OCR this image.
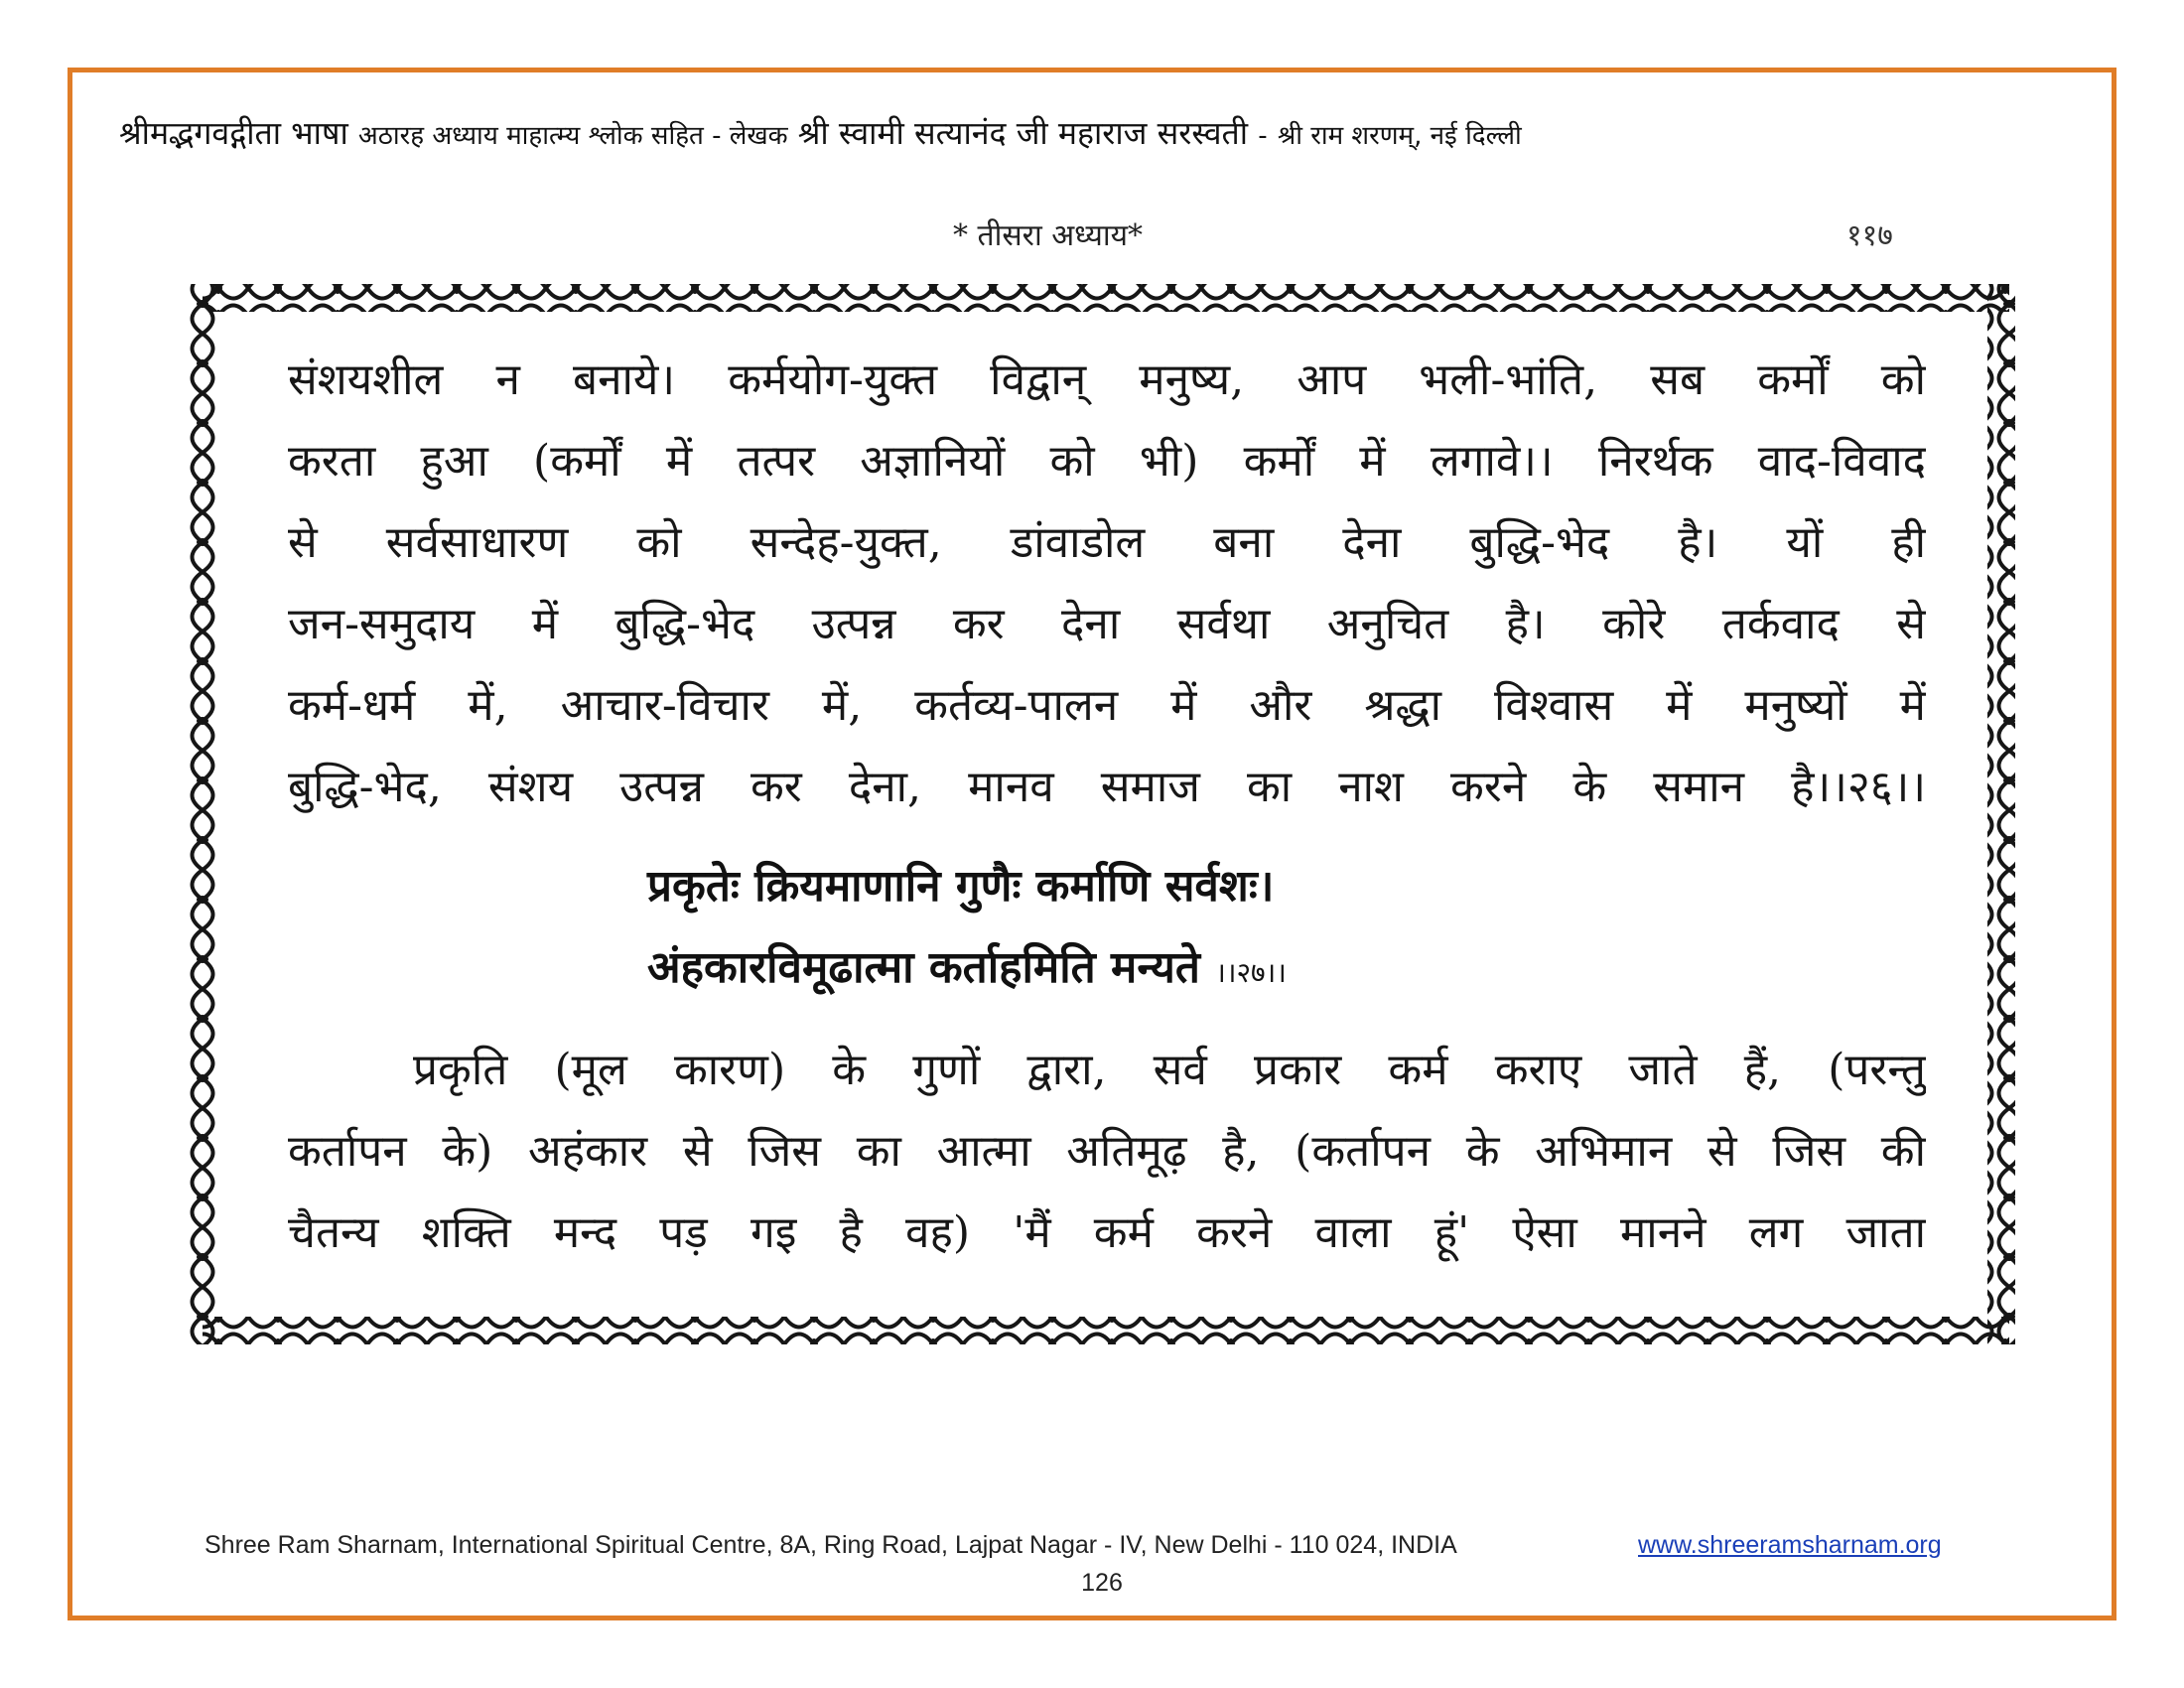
श्रीमद्भगवद्गीता भाषा अठारह अध्याय माहात्म्य श्लोक सहित - लेखक श्री स्वामी सत्यानंद जी महाराज सरस्वती - श्री राम शरणम्, नई दिल्ली
* तीसरा अध्याय*	११७
संशयशील न बनाये। कर्मयोग-युक्त विद्वान् मनुष्य, आप भली-भांति, सब कर्मों को
करता हुआ (कर्मों में तत्पर अज्ञानियों को भी) कर्मों में लगावे।। निरर्थक वाद-विवाद
से सर्वसाधारण को सन्देह-युक्त, डांवाडोल बना देना बुद्धि-भेद है। यों ही
जन-समुदाय में बुद्धि-भेद उत्पन्न कर देना सर्वथा अनुचित है। कोरे तर्कवाद से
कर्म-धर्म में, आचार-विचार में, कर्तव्य-पालन में और श्रद्धा विश्वास में मनुष्यों में
बुद्धि-भेद, संशय उत्पन्न कर देना, मानव समाज का नाश करने के समान है।।२६।।
प्रकृतेः क्रियमाणानि गुणैः कर्माणि सर्वशः।
अंहकारविमूढात्मा कर्ताहमिति मन्यते ।।२७।।
प्रकृति (मूल कारण) के गुणों द्वारा, सर्व प्रकार कर्म कराए जाते हैं, (परन्तु
कर्तापन के) अहंकार से जिस का आत्मा अतिमूढ़ है, (कर्तापन के अभिमान से जिस की
चैतन्य शक्ति मन्द पड़ गइ है वह) 'मैं कर्म करने वाला हूं' ऐसा मानने लग जाता
Shree Ram Sharnam, International Spiritual Centre, 8A, Ring Road, Lajpat Nagar - IV, New Delhi - 110 024, INDIA	www.shreeramsharnam.org
126
